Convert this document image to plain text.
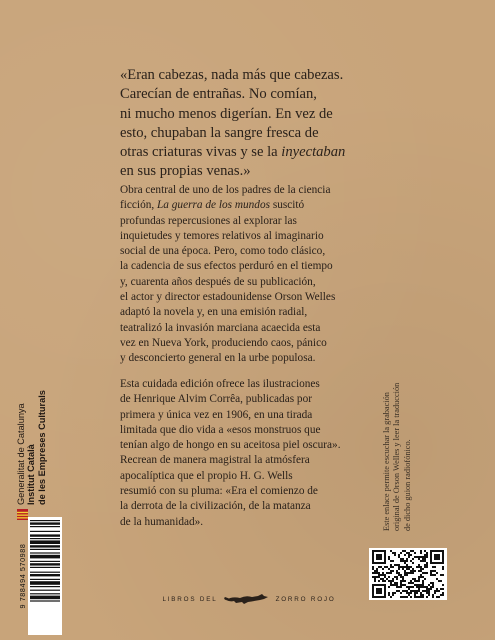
«Eran cabezas, nada más que cabezas.

Carecían de entrañas. No comían,

ni mucho menos digerían. En vez de

esto, chupaban la sangre fresca de

otras criaturas vivas y se la inyectaban

en sus propias venas.»

Obra central de uno de los padres de la ciencia
ficción, La guerra de los mundos suscitó
profundas repercusiones al explorar las
inquietudes y temores relativos al imaginario
social de una época. Pero, como todo clásico,
la cadencia de sus efectos perduró en el tiempo
y, cuarenta años después de su publicación,
el actor y director estadounidense Orson Welles
adaptó la novela y, en una emisión radial,
teatralizó la invasión marciana acaecida esta
vez en Nueva York, produciendo caos, pánico
y desconcierto general en la urbe populosa.
Esta cuidada edición ofrece las ilustraciones
de Henrique Alvim Corrêa, publicadas por
primera y única vez en 1906, en una tirada
limitada que dio vida a «esos monstruos que
tenían algo de hongo en su aceitosa piel oscura».
Recrean de manera magistral la atmósfera
apocalíptica que el propio H. G. Wells
resumió con su pluma: «Era el comienzo de
la derrota de la civilización, de la matanza
de la humanidad».	Este enlace permite escuchar la grabación original de Orson Welles y leer la traducción de dicho guion radiofónico.
Generalitat de Catalunya Institut Català de les Empreses Culturals
9 788494 570988	LIBROS DEL	ZORRO ROJO
